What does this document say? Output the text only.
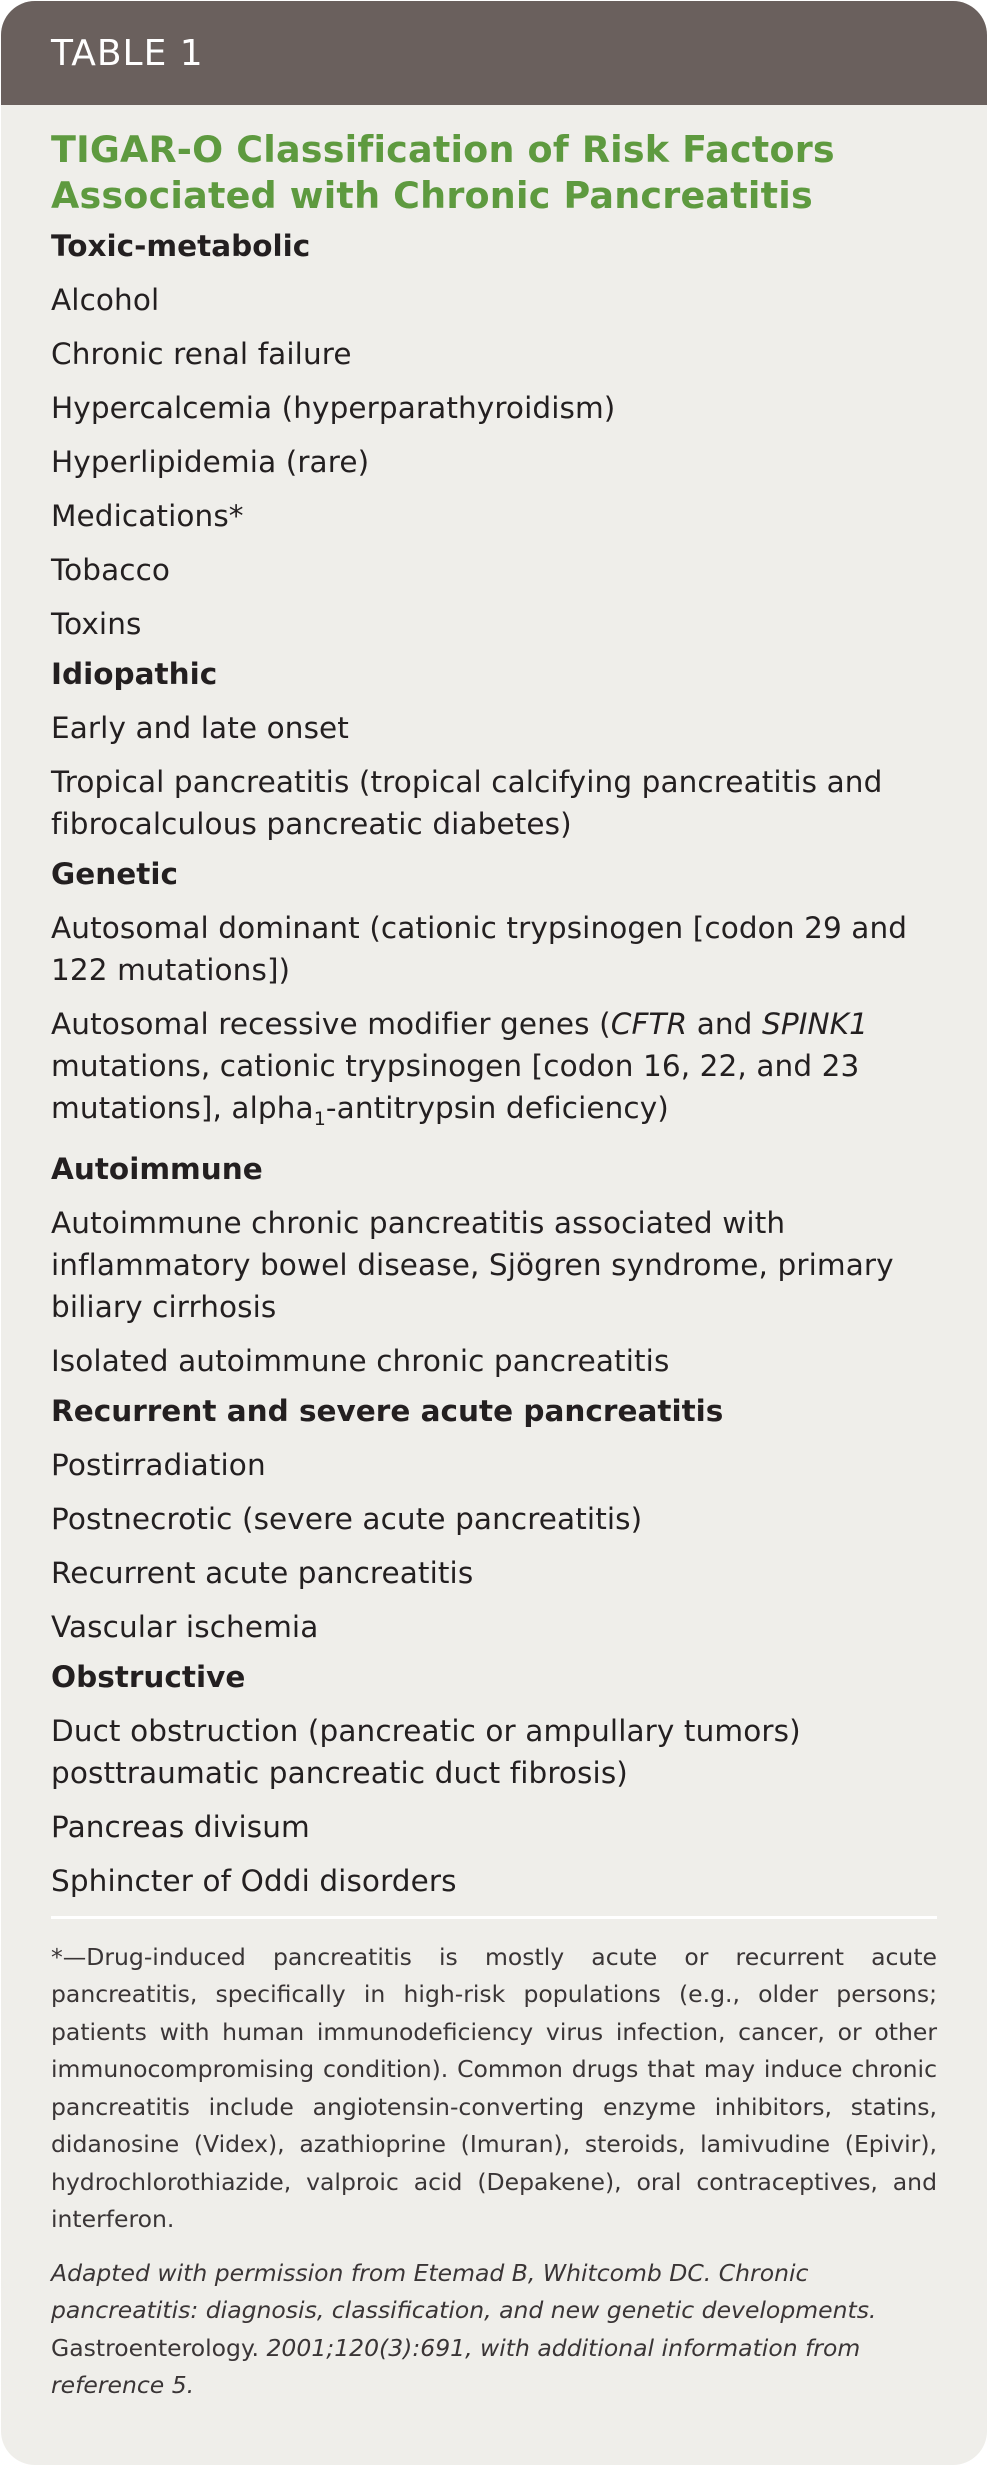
TABLE 1
TIGAR-O Classification of Risk Factors
Associated with Chronic Pancreatitis
Toxic-metabolic
Alcohol
Chronic renal failure
Hypercalcemia (hyperparathyroidism)
Hyperlipidemia (rare)
Medications*
Tobacco
Toxins
Idiopathic
Early and late onset
Tropical pancreatitis (tropical calcifying pancreatitis and fibrocalculous pancreatic diabetes)
Genetic
Autosomal dominant (cationic trypsinogen [codon 29 and 122 mutations])
Autosomal recessive modifier genes (CFTR and SPINK1 mutations, cationic trypsinogen [codon 16, 22, and 23 mutations], alpha$_1$-antitrypsin deficiency)
Autoimmune
Autoimmune chronic pancreatitis associated with inflammatory bowel disease, Sjögren syndrome, primary biliary cirrhosis
Isolated autoimmune chronic pancreatitis
Recurrent and severe acute pancreatitis
Postirradiation
Postnecrotic (severe acute pancreatitis)
Recurrent acute pancreatitis
Vascular ischemia
Obstructive
Duct obstruction (pancreatic or ampullary tumors) posttraumatic pancreatic duct fibrosis)
Pancreas divisum
Sphincter of Oddi disorders

*—Drug-induced pancreatitis is mostly acute or recurrent acute pancreatitis, specifically in high-risk populations (e.g., older persons; patients with human immunodeficiency virus infection, cancer, or other immunocompromising condition). Common drugs that may induce chronic pancreatitis include angiotensin-converting enzyme inhibitors, statins, didanosine (Videx), azathioprine (Imuran), steroids, lamivudine (Epivir), hydrochlorothiazide, valproic acid (Depakene), oral contraceptives, and interferon.

Adapted with permission from Etemad B, Whitcomb DC. Chronic pancreatitis: diagnosis, classification, and new genetic developments. Gastroenterology. 2001;120(3):691, with additional information from reference 5.
